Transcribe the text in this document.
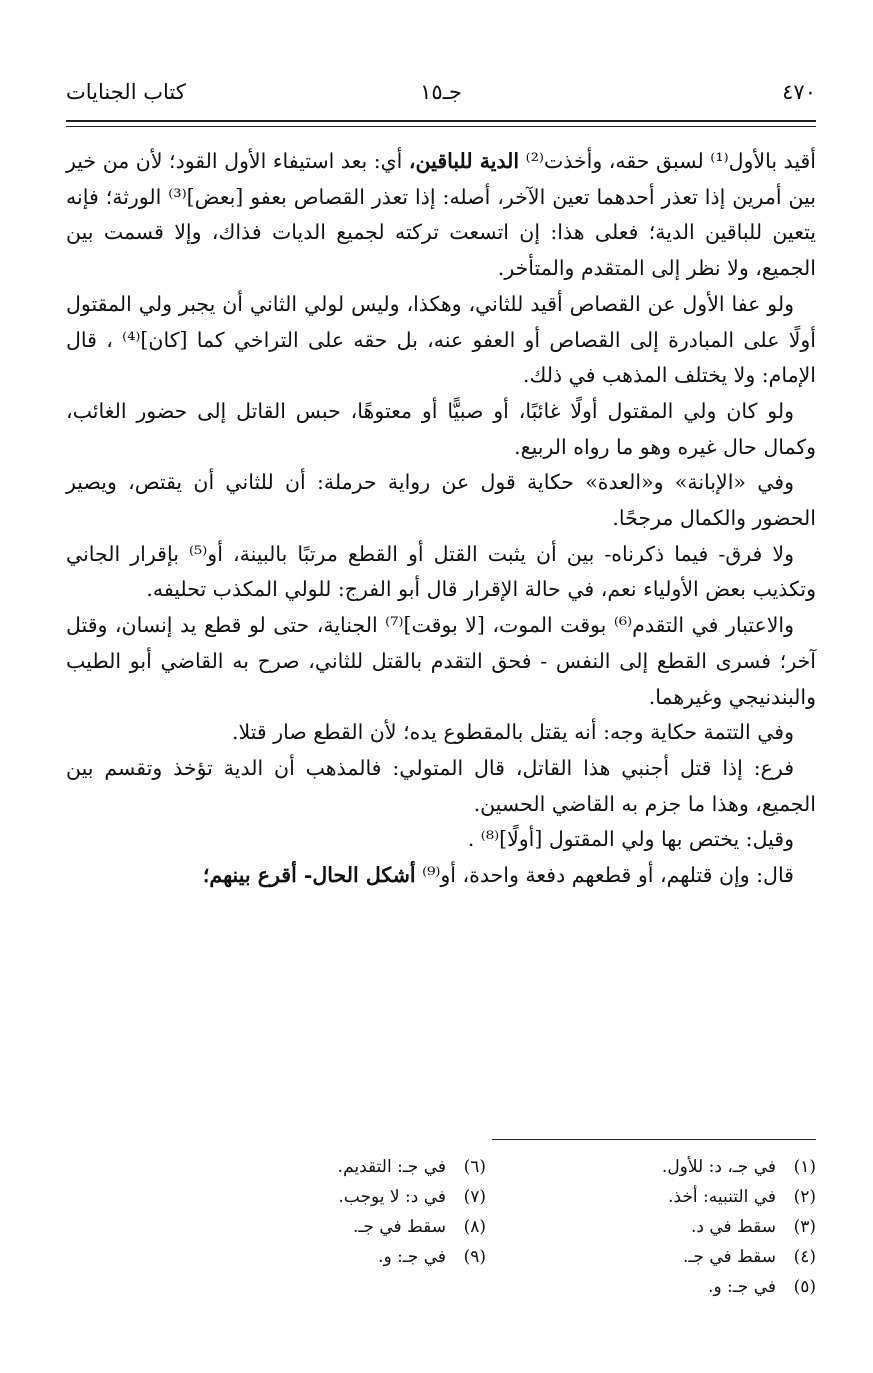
٤٧٠
جـ١٥
كتاب الجنايات

أقيد بالأول⁽¹⁾ لسبق حقه، وأخذت⁽²⁾ الدية للباقين، أي: بعد استيفاء الأول القود؛ لأن من خير بين أمرين إذا تعذر أحدهما تعين الآخر، أصله: إذا تعذر القصاص بعفو [بعض]⁽³⁾ الورثة؛ فإنه يتعين للباقين الدية؛ فعلى هذا: إن اتسعت تركته لجميع الديات فذاك، وإلا قسمت بين الجميع، ولا نظر إلى المتقدم والمتأخر.

ولو عفا الأول عن القصاص أقيد للثاني، وهكذا، وليس لولي الثاني أن يجبر ولي المقتول أولًا على المبادرة إلى القصاص أو العفو عنه، بل حقه على التراخي كما [كان]⁽⁴⁾ ، قال الإمام: ولا يختلف المذهب في ذلك.

ولو كان ولي المقتول أولًا غائبًا، أو صبيًّا أو معتوهًا، حبس القاتل إلى حضور الغائب، وكمال حال غيره وهو ما رواه الربيع.

وفي «الإبانة» و«العدة» حكاية قول عن رواية حرملة: أن للثاني أن يقتص، ويصير الحضور والكمال مرجحًا.

ولا فرق- فيما ذكرناه- بين أن يثبت القتل أو القطع مرتبًا بالبينة، أو⁽⁵⁾ بإقرار الجاني وتكذيب بعض الأولياء نعم، في حالة الإقرار قال أبو الفرج: للولي المكذب تحليفه.

والاعتبار في التقدم⁽⁶⁾ بوقت الموت، [لا بوقت]⁽⁷⁾ الجناية، حتى لو قطع يد إنسان، وقتل آخر؛ فسرى القطع إلى النفس - فحق التقدم بالقتل للثاني، صرح به القاضي أبو الطيب والبندنيجي وغيرهما.

وفي التتمة حكاية وجه: أنه يقتل بالمقطوع يده؛ لأن القطع صار قتلا.

فرع: إذا قتل أجنبي هذا القاتل، قال المتولي: فالمذهب أن الدية تؤخذ وتقسم بين الجميع، وهذا ما جزم به القاضي الحسين.

وقيل: يختص بها ولي المقتول [أولًا]⁽⁸⁾ .

قال: وإن قتلهم، أو قطعهم دفعة واحدة، أو⁽⁹⁾ أشكل الحال- أقرع بينهم؛

(١)في جـ، د: للأول.
(٢)في التنبيه: أخذ.
(٣)سقط في د.
(٤)سقط في جـ.
(٥)في جـ: و.
(٦)في جـ: التقديم.
(٧)في د: لا يوجب.
(٨)سقط في جـ.
(٩)في جـ: و.
